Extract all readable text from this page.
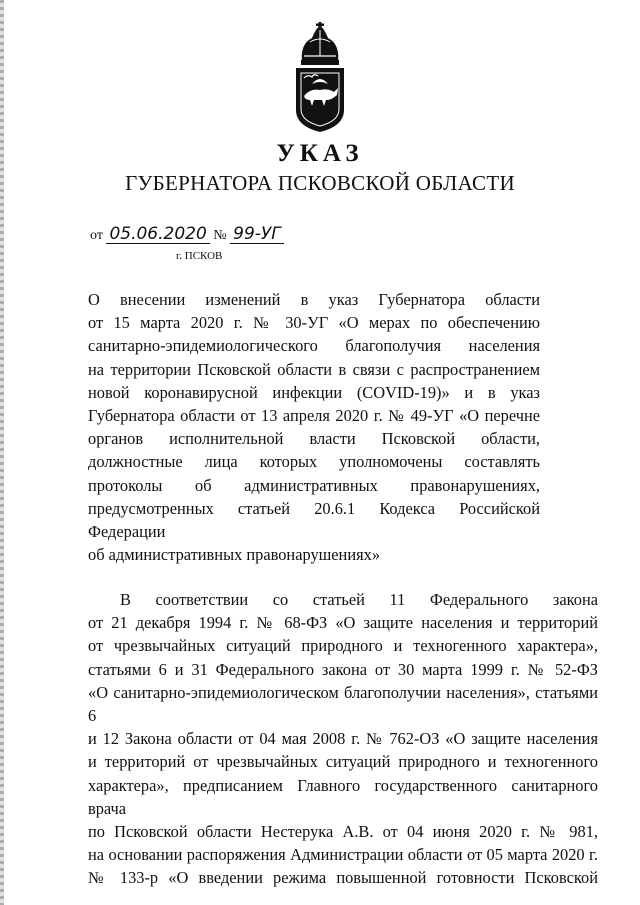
УКАЗ
ГУБЕРНАТОРА ПСКОВСКОЙ ОБЛАСТИ
от 05.06.2020 № 99-УГ
г. ПСКОВ
О внесении изменений в указ Губернатора области
от 15 марта 2020 г. № 30-УГ «О мерах по обеспечению
санитарно-эпидемиологического благополучия населения
на территории Псковской области в связи с распространением
новой коронавирусной инфекции (COVID-19)» и в указ
Губернатора области от 13 апреля 2020 г. № 49-УГ «О перечне
органов исполнительной власти Псковской области,
должностные лица которых уполномочены составлять
протоколы об административных правонарушениях,
предусмотренных статьей 20.6.1 Кодекса Российской Федерации
об административных правонарушениях»
В соответствии со статьей 11 Федерального закона
от 21 декабря 1994 г. № 68-ФЗ «О защите населения и территорий
от чрезвычайных ситуаций природного и техногенного характера»,
статьями 6 и 31 Федерального закона от 30 марта 1999 г. № 52-ФЗ
«О санитарно-эпидемиологическом благополучии населения», статьями 6
и 12 Закона области от 04 мая 2008 г. № 762-ОЗ «О защите населения
и территорий от чрезвычайных ситуаций природного и техногенного
характера», предписанием Главного государственного санитарного врача
по Псковской области Нестерука А.В. от 04 июня 2020 г. № 981,
на основании распоряжения Администрации области от 05 марта 2020 г.
№ 133-р «О введении режима повышенной готовности Псковской
